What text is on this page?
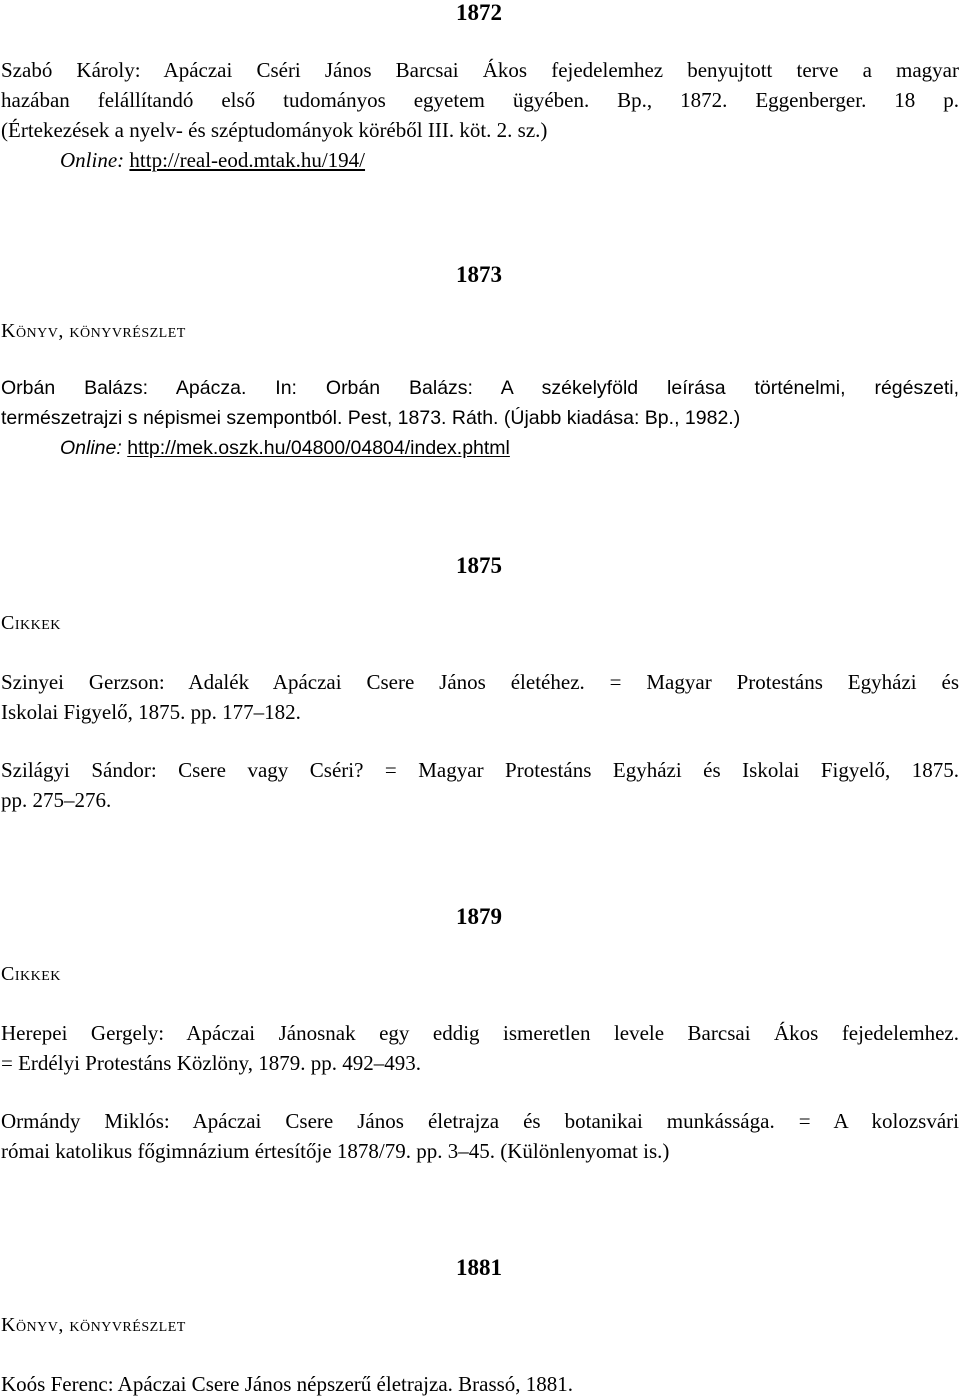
1872
Szabó Károly: Apáczai Cséri János Barcsai Ákos fejedelemhez benyujtott terve a magyar
hazában felállítandó első tudományos egyetem ügyében. Bp., 1872. Eggenberger. 18 p.
(Értekezések a nyelv- és széptudományok köréből III. köt. 2. sz.)
Online: http://real-eod.mtak.hu/194/
1873
Könyv, könyvrészlet
Orbán Balázs: Apácza. In: Orbán Balázs: A székelyföld leírása történelmi, régészeti,
természetrajzi s népismei szempontból. Pest, 1873. Ráth. (Újabb kiadása: Bp., 1982.)
Online: http://mek.oszk.hu/04800/04804/index.phtml
1875
Cikkek
Szinyei Gerzson: Adalék Apáczai Csere János életéhez. = Magyar Protestáns Egyházi és
Iskolai Figyelő, 1875. pp. 177–182.
Szilágyi Sándor: Csere vagy Cséri? = Magyar Protestáns Egyházi és Iskolai Figyelő, 1875.
pp. 275–276.
1879
Cikkek
Herepei Gergely: Apáczai Jánosnak egy eddig ismeretlen levele Barcsai Ákos fejedelemhez.
= Erdélyi Protestáns Közlöny, 1879. pp. 492–493.
Ormándy Miklós: Apáczai Csere János életrajza és botanikai munkássága. = A kolozsvári
római katolikus főgimnázium értesítője 1878/79. pp. 3–45. (Különlenyomat is.)
1881
Könyv, könyvrészlet
Koós Ferenc: Apáczai Csere János népszerű életrajza. Brassó, 1881.
